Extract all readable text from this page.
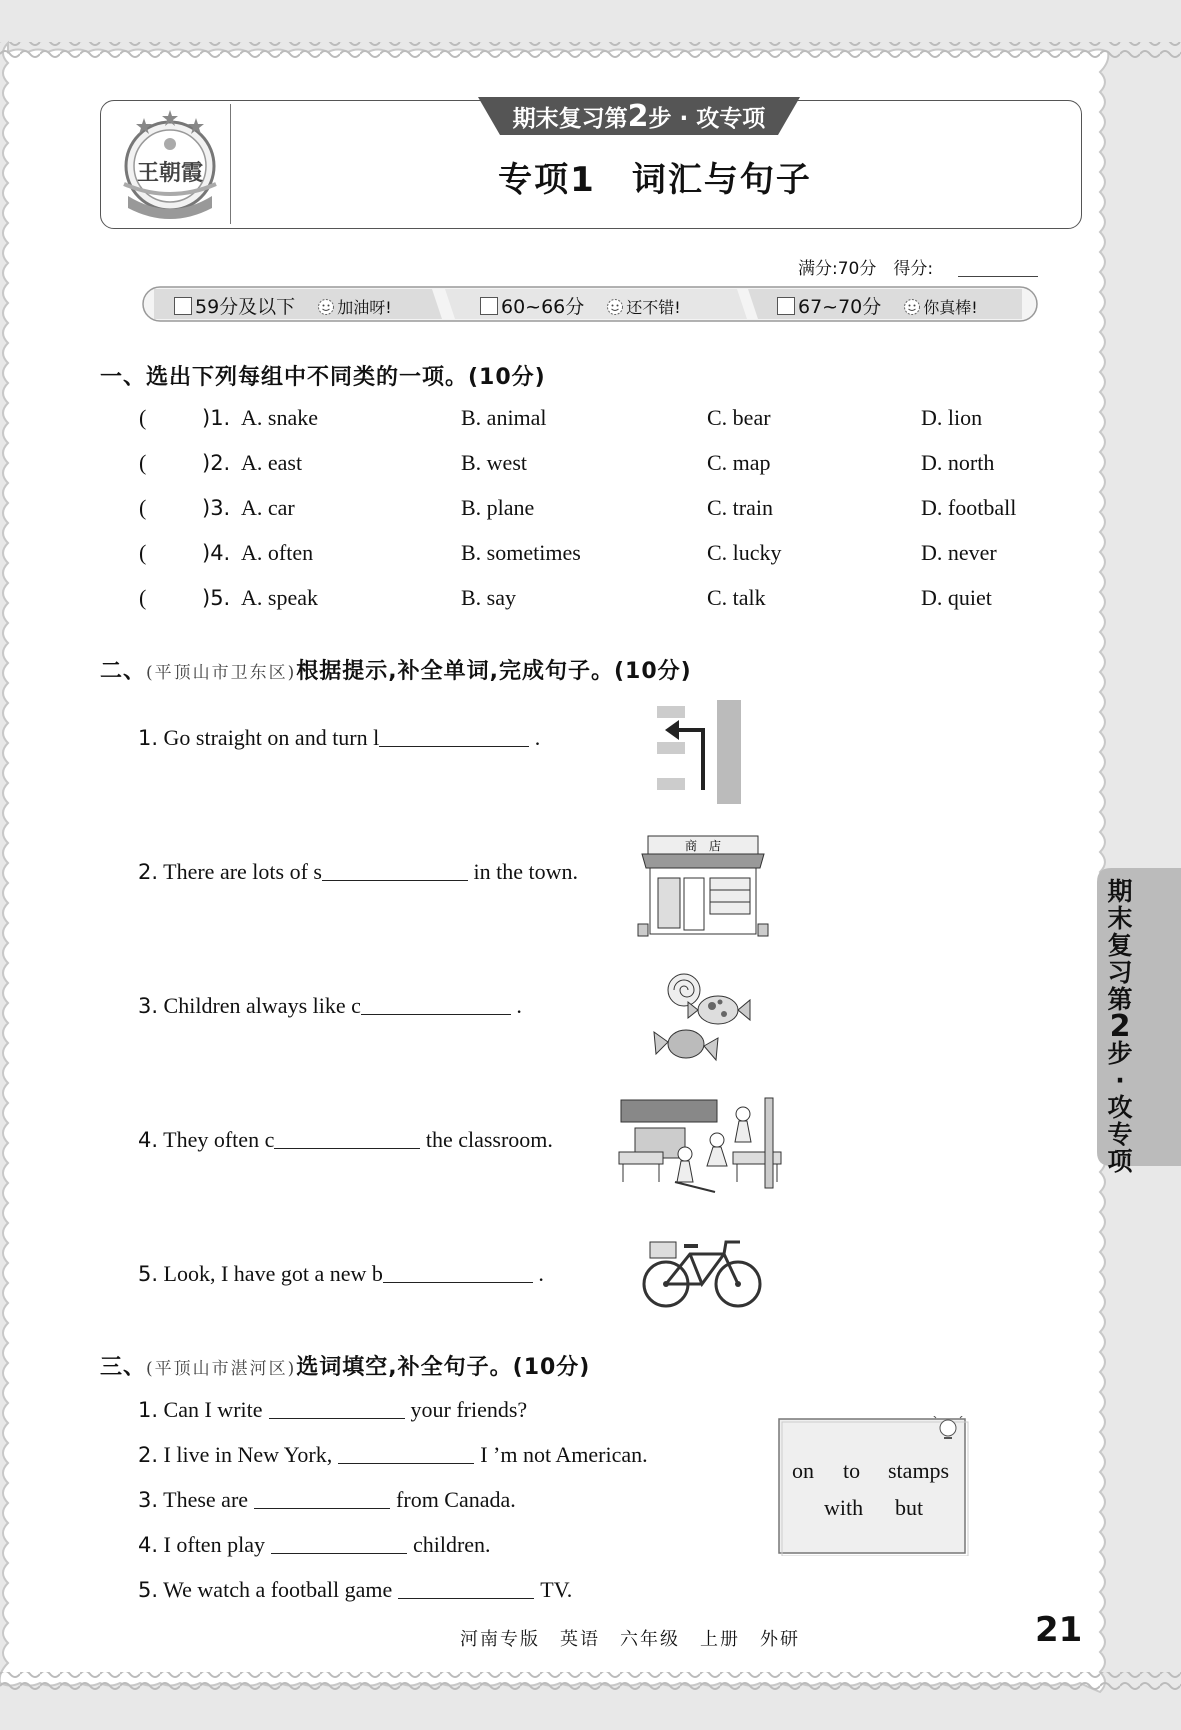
王朝霞
期末复习第2步 · 攻专项
专项1　词汇与句子
满分:70分　得分:
59分及以下	加油呀!	60~66分	还不错!	67~70分	你真棒!
一、选出下列每组中不同类的一项。(10分)
(	)1. A. snake	B. animal	C. bear	D. lion
(	)2. A. east	B. west	C. map	D. north
(	)3. A. car	B. plane	C. train	D. football
(	)4. A. often	B. sometimes	C. lucky	D. never
(	)5. A. speak	B. say	C. talk	D. quiet
二、(平顶山市卫东区)根据提示,补全单词,完成句子。(10分)
1. Go straight on and turn l	.
2. There are lots of s	in the town.
3. Children always like c	.
4. They often c	the classroom.
5. Look, I have got a new b	.
商　店
三、(平顶山市湛河区)选词填空,补全句子。(10分)
1. Can I write	your friends?
2. I live in New York,	I ’m not American.
3. These are	from Canada.
4. I often play	children.
5. We watch a football game	TV.
on to stamps
with but
期末复习第
2
步·攻专项
河南专版　英语　六年级　上册　外研	21
